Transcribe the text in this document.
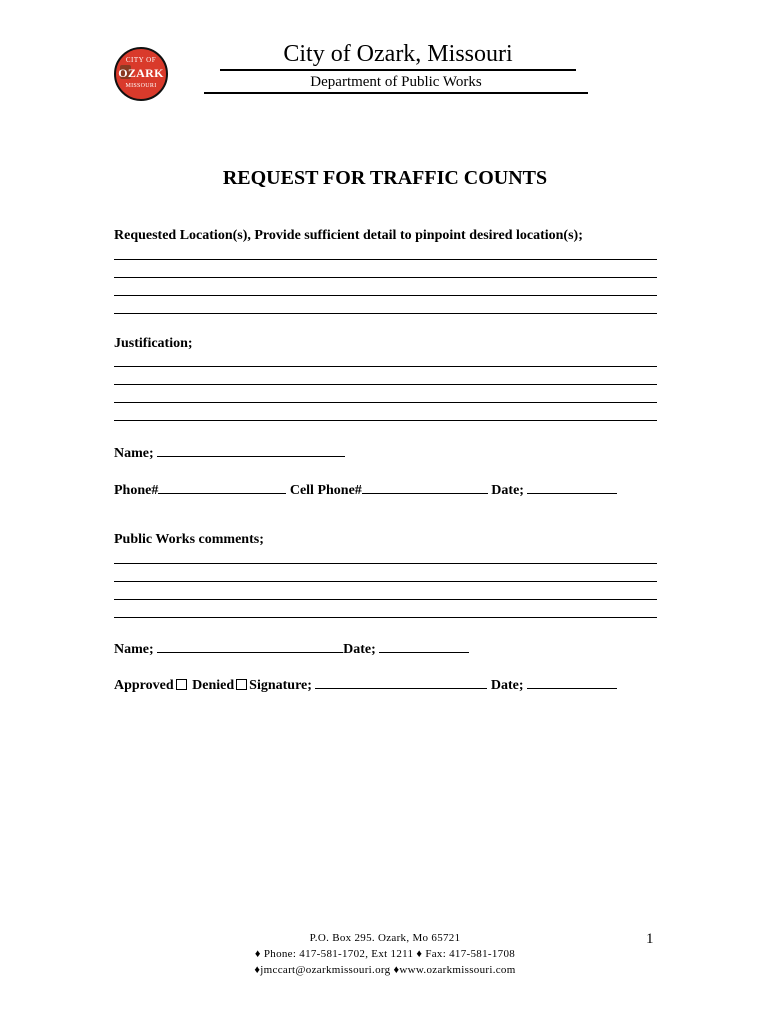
CITY OF
OZARK
MISSOURI
City of Ozark, Missouri
Department of Public Works
REQUEST FOR TRAFFIC COUNTS
Requested Location(s), Provide sufficient detail to pinpoint desired location(s);
Justification;
Name;
Phone#	Cell Phone#	Date;
Public Works comments;
Name;	Date;
Approved Denied Signature;	Date;
P.O. Box 295. Ozark, Mo 65721
♦ Phone: 417-581-1702, Ext 1211 ♦ Fax: 417-581-1708
♦jmccart@ozarkmissouri.org ♦www.ozarkmissouri.com
1
